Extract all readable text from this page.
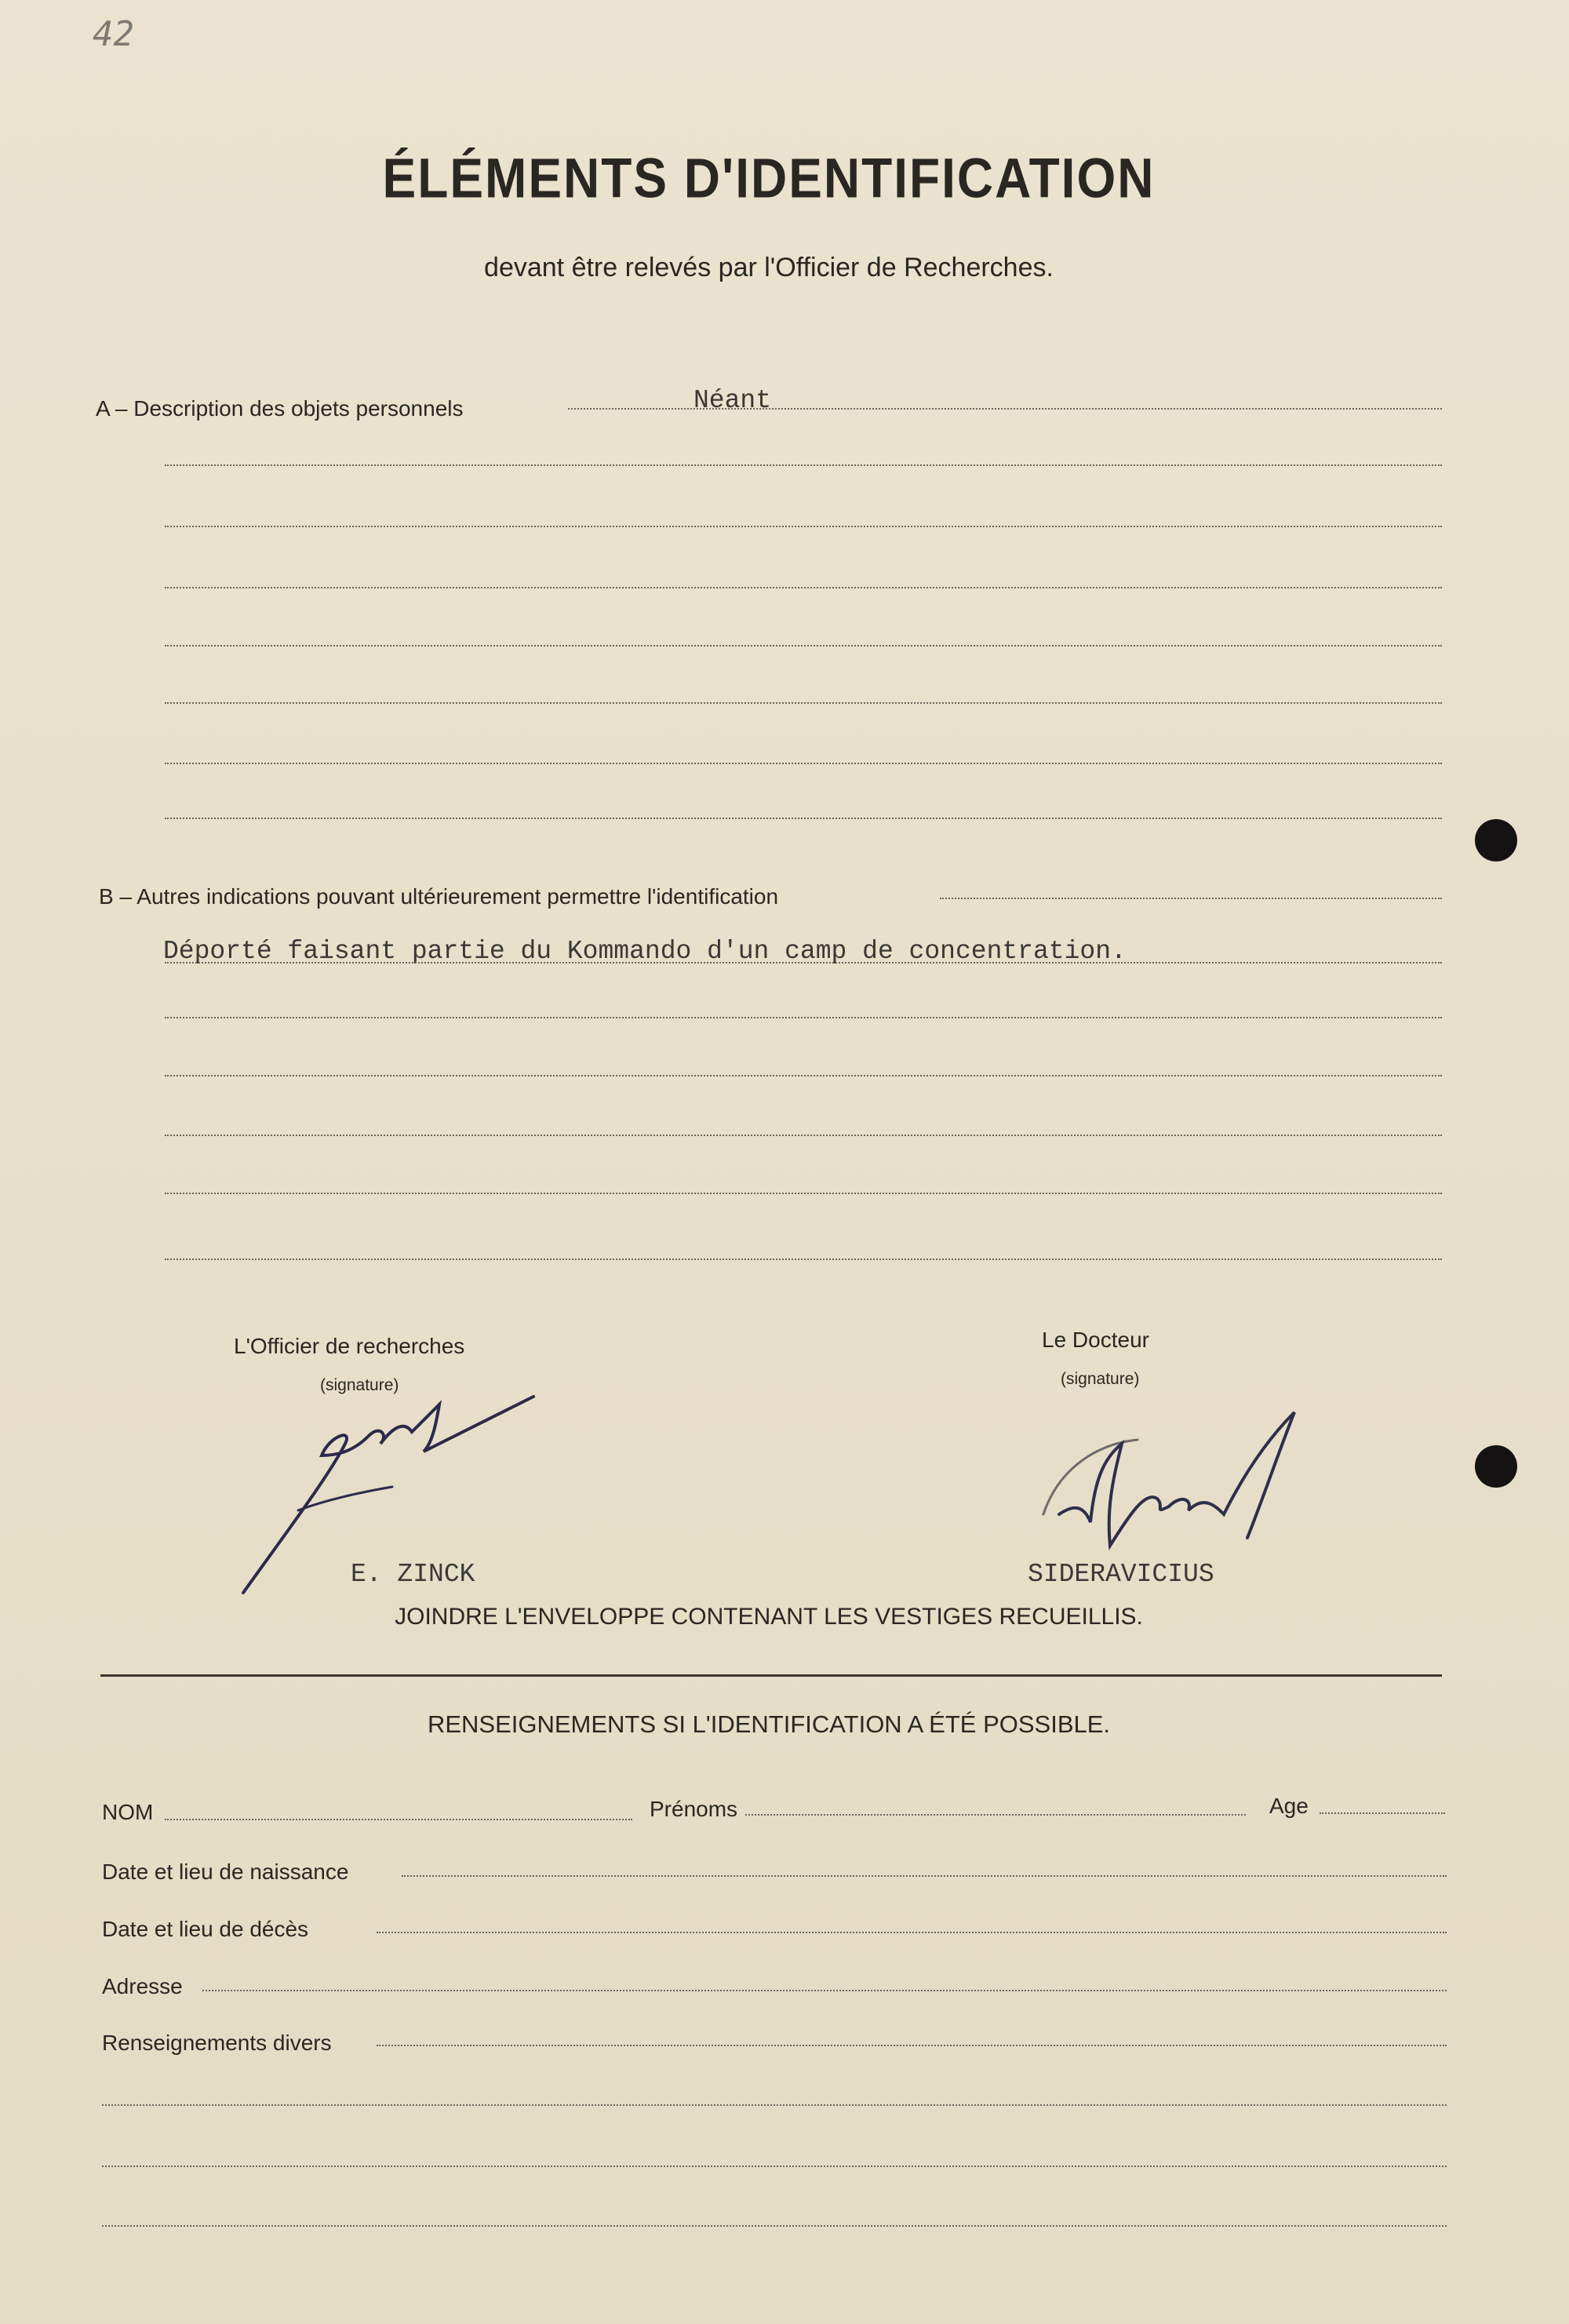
42
ÉLÉMENTS D'IDENTIFICATION
devant être relevés par l'Officier de Recherches.
A – Description des objets personnels	Néant
B – Autres indications pouvant ultérieurement permettre l'identification
Déporté faisant partie du Kommando d'un camp de concentration.
L'Officier de recherches
(signature)
E. ZINCK
Le Docteur
(signature)
SIDERAVICIUS
JOINDRE L'ENVELOPPE CONTENANT LES VESTIGES RECUEILLIS.
RENSEIGNEMENTS SI L'IDENTIFICATION A ÉTÉ POSSIBLE.
NOM	Prénoms	Age
Date et lieu de naissance
Date et lieu de décès
Adresse
Renseignements divers
